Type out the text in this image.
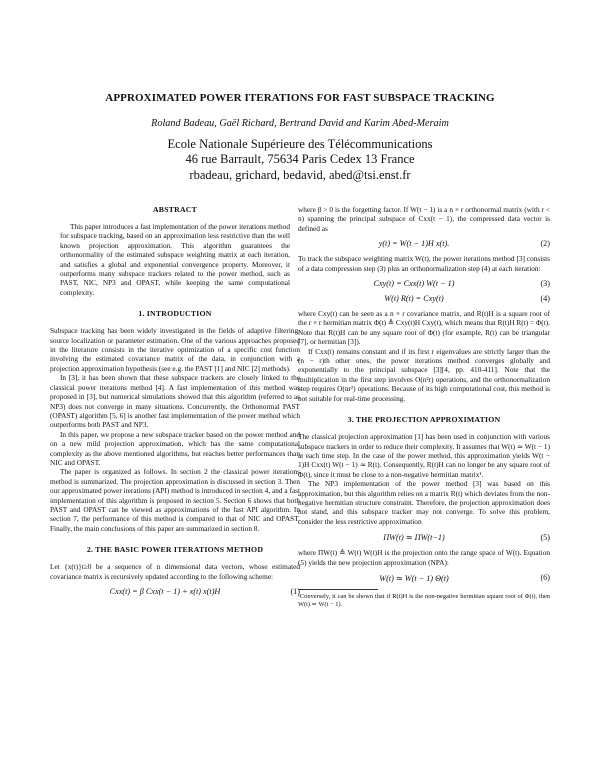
APPROXIMATED POWER ITERATIONS FOR FAST SUBSPACE TRACKING
Roland Badeau, Gaël Richard, Bertrand David and Karim Abed-Meraim
Ecole Nationale Supérieure des Télécommunications
46 rue Barrault, 75634 Paris Cedex 13 France
rbadeau, grichard, bedavid, abed@tsi.enst.fr
ABSTRACT

This paper introduces a fast implementation of the power iterations method for subspace tracking, based on an approximation less restrictive than the well known projection approximation. This algorithm guarantees the orthonormality of the estimated subspace weighting matrix at each iteration, and satisfies a global and exponential convergence property. Moreover, it outperforms many subspace trackers related to the power method, such as PAST, NIC, NP3 and OPAST, while keeping the same computational complexity.

1. INTRODUCTION

Subspace tracking has been widely investigated in the fields of adaptive filtering, source localization or parameter estimation. One of the various approaches proposed in the literature consists in the iterative optimization of a specific cost function involving the estimated covariance matrix of the data, in conjunction with a projection approximation hypothesis (see e.g. the PAST [1] and NIC [2] methods).

In [3], it has been shown that these subspace trackers are closely linked to the classical power iterations method [4]. A fast implementation of this method was proposed in [3], but numerical simulations showed that this algorithm (referred to as NP3) does not converge in many situations. Concurrently, the Orthonormal PAST (OPAST) algorithm [5, 6] is another fast implementation of the power method which outperforms both PAST and NP3.

In this paper, we propose a new subspace tracker based on the power method and on a new mild projection approximation, which has the same computational complexity as the above mentioned algorithms, but reaches better performances than NIC and OPAST.

The paper is organized as follows. In section 2 the classical power iterations method is summarized. The projection approximation is discussed in section 3. Then our approximated power iterations (API) method is introduced in section 4, and a fast implementation of this algorithm is proposed in section 5. Section 6 shows that both PAST and OPAST can be viewed as approximations of the fast API algorithm. In section 7, the performance of this method is compared to that of NIC and OPAST. Finally, the main conclusions of this paper are summarized in section 8.

2. THE BASIC POWER ITERATIONS METHOD

Let {x(t)}t≥0 be a sequence of n dimensional data vectors, whose estimated covariance matrix is recursively updated according to the following scheme:

Cxx(t) = β Cxx(t − 1) + x(t) x(t)H	(1)

where β > 0 is the forgetting factor. If W(t − 1) is a n × r orthonormal matrix (with r < n) spanning the principal subspace of Cxx(t − 1), the compressed data vector is defined as

y(t) = W(t − 1)H x(t).	(2)

To track the subspace weighting matrix W(t), the power iterations method [3] consists of a data compression step (3) plus an orthonormalization step (4) at each iteration:

Cxy(t) = Cxx(t) W(t − 1)	(3)
W(t) R(t) = Cxy(t)	(4)

where Cxy(t) can be seen as a n × r covariance matrix, and R(t)H is a square root of the r × r hermitian matrix Φ(t) ≜ Cxy(t)H Cxy(t), which means that R(t)H R(t) = Φ(t). Note that R(t)H can be any square root of Φ(t) (for example, R(t) can be triangular [7], or hermitian [3]).

If Cxx(t) remains constant and if its first r eigenvalues are strictly larger than the (n − r)th other ones, the power iterations method converges globally and exponentially to the principal subspace [3][4, pp. 410-411]. Note that the multiplication in the first step involves O(n²r) operations, and the orthonormalization step requires O(nr²) operations. Because of its high computational cost, this method is not suitable for real-time processing.

3. THE PROJECTION APPROXIMATION

The classical projection approximation [1] has been used in conjunction with various subspace trackers in order to reduce their complexity. It assumes that W(t) ≃ W(t − 1) at each time step. In the case of the power method, this approximation yields W(t − 1)H Cxx(t) W(t − 1) ≃ R(t). Consequently, R(t)H can no longer be any square root of Φ(t), since it must be close to a non-negative hermitian matrix¹.

The NP3 implementation of the power method [3] was based on this approximation, but this algorithm relies on a matrix R(t) which deviates from the non-negative hermitian structure constraint. Therefore, the projection approximation does not stand, and this subspace tracker may not converge. To solve this problem, consider the less restrictive approximation

ΠW(t) ≃ ΠW(t−1)	(5)

where ΠW(t) ≜ W(t) W(t)H is the projection onto the range space of W(t). Equation (5) yields the new projection approximation (NPA):

W(t) ≃ W(t − 1) Θ(t)	(6)
¹Conversely, it can be shown that if R(t)H is the non-negative hermitian square root of Φ(t), then W(t) ≃ W(t − 1).
